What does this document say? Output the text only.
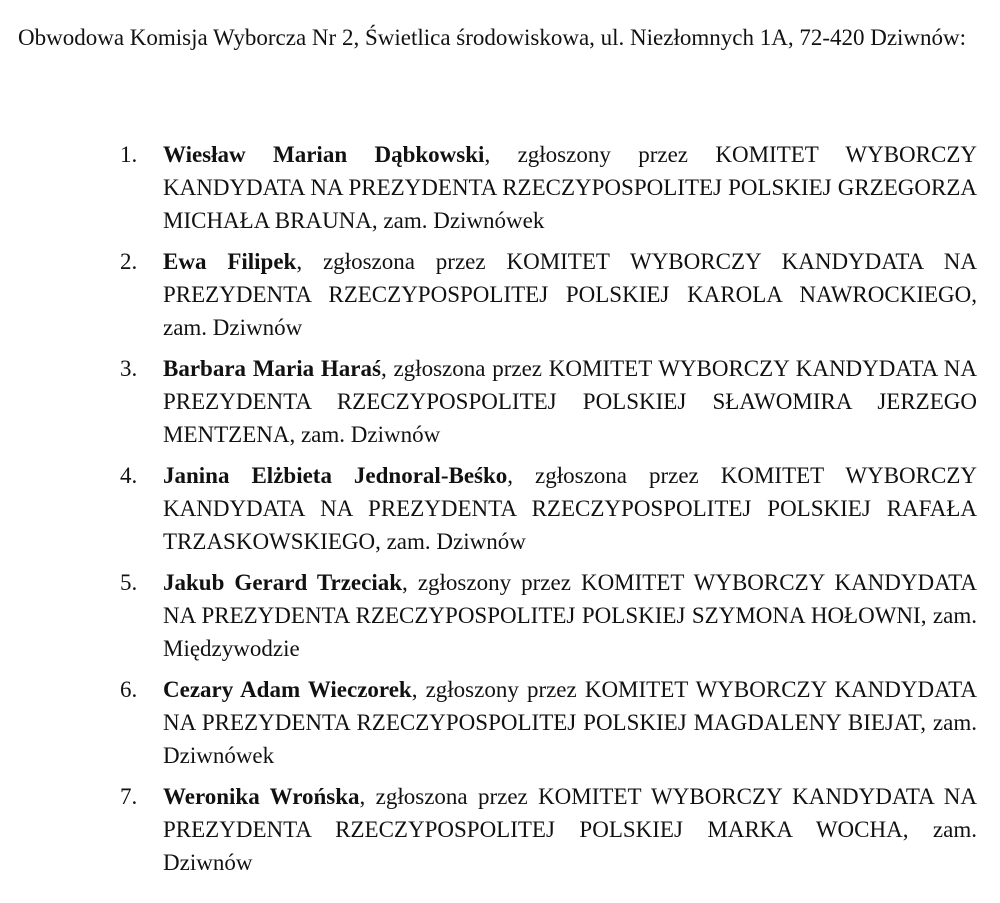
Obwodowa Komisja Wyborcza Nr 2, Świetlica środowiskowa, ul. Niezłomnych 1A, 72-420 Dziwnów:

1.	Wiesław Marian Dąbkowski, zgłoszony przez KOMITET WYBORCZY KANDYDATA NA PREZYDENTA RZECZYPOSPOLITEJ POLSKIEJ GRZEGORZA MICHAŁA BRAUNA, zam. Dziwnówek
2.	Ewa Filipek, zgłoszona przez KOMITET WYBORCZY KANDYDATA NA PREZYDENTA RZECZYPOSPOLITEJ POLSKIEJ KAROLA NAWROCKIEGO, zam. Dziwnów
3.	Barbara Maria Haraś, zgłoszona przez KOMITET WYBORCZY KANDYDATA NA PREZYDENTA RZECZYPOSPOLITEJ POLSKIEJ SŁAWOMIRA JERZEGO MENTZENA, zam. Dziwnów
4.	Janina Elżbieta Jednoral-Beśko, zgłoszona przez KOMITET WYBORCZY KANDYDATA NA PREZYDENTA RZECZYPOSPOLITEJ POLSKIEJ RAFAŁA TRZASKOWSKIEGO, zam. Dziwnów
5.	Jakub Gerard Trzeciak, zgłoszony przez KOMITET WYBORCZY KANDYDATA NA PREZYDENTA RZECZYPOSPOLITEJ POLSKIEJ SZYMONA HOŁOWNI, zam. Międzywodzie
6.	Cezary Adam Wieczorek, zgłoszony przez KOMITET WYBORCZY KANDYDATA NA PREZYDENTA RZECZYPOSPOLITEJ POLSKIEJ MAGDALENY BIEJAT, zam. Dziwnówek
7.	Weronika Wrońska, zgłoszona przez KOMITET WYBORCZY KANDYDATA NA PREZYDENTA RZECZYPOSPOLITEJ POLSKIEJ MARKA WOCHA, zam. Dziwnów
